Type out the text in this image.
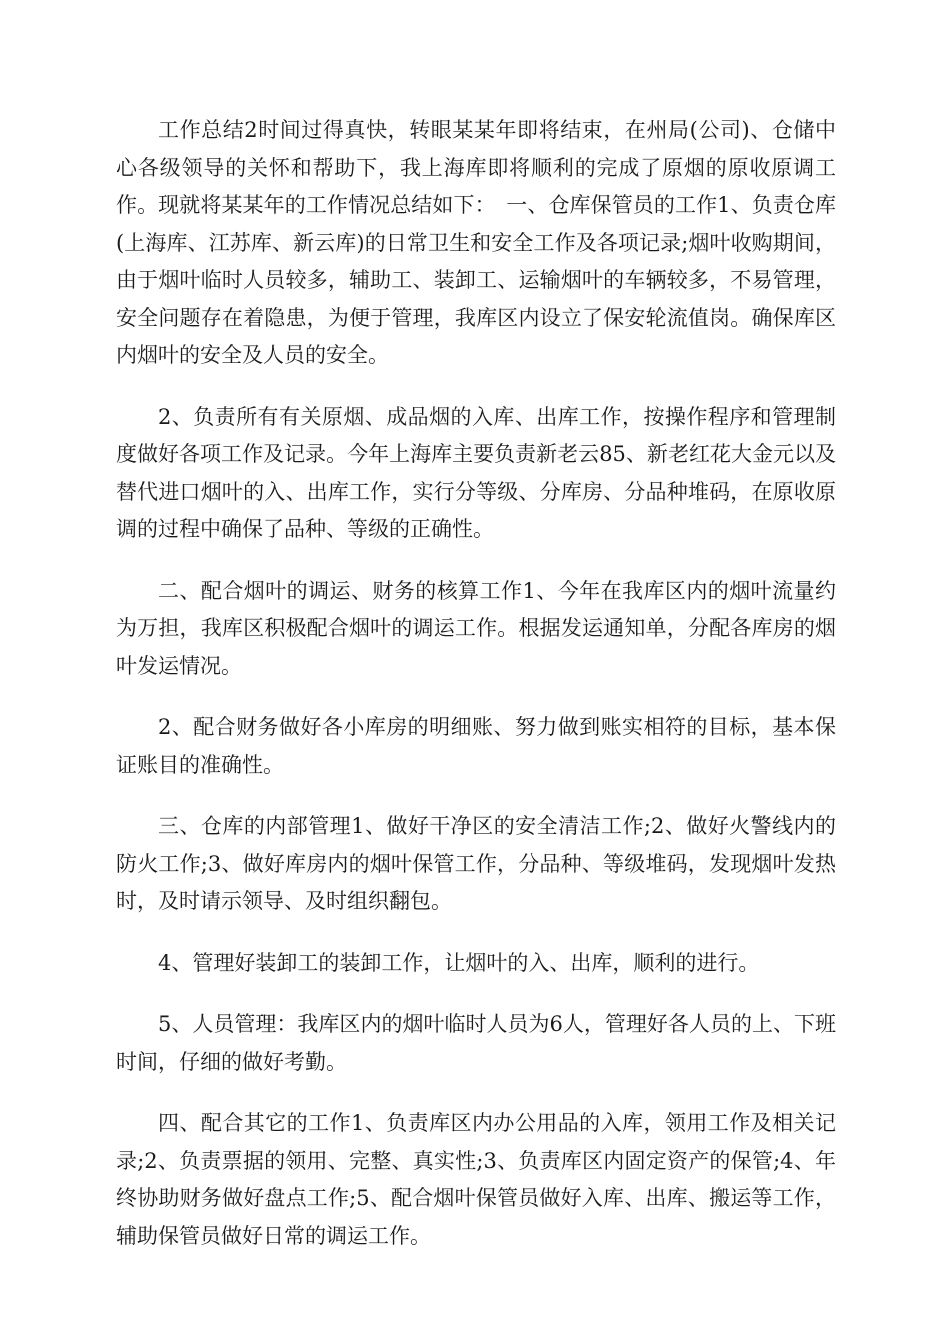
工作总结2时间过得真快，转眼某某年即将结束，在州局(公司)、仓储中心各级领导的关怀和帮助下，我上海库即将顺利的完成了原烟的原收原调工作。现就将某某年的工作情况总结如下：　一、仓库保管员的工作1、负责仓库(上海库、江苏库、新云库)的日常卫生和安全工作及各项记录;烟叶收购期间，由于烟叶临时人员较多，辅助工、装卸工、运输烟叶的车辆较多，不易管理，安全问题存在着隐患，为便于管理，我库区内设立了保安轮流值岗。确保库区内烟叶的安全及人员的安全。

2、负责所有有关原烟、成品烟的入库、出库工作，按操作程序和管理制度做好各项工作及记录。今年上海库主要负责新老云85、新老红花大金元以及替代进口烟叶的入、出库工作，实行分等级、分库房、分品种堆码，在原收原调的过程中确保了品种、等级的正确性。

二、配合烟叶的调运、财务的核算工作1、今年在我库区内的烟叶流量约为万担，我库区积极配合烟叶的调运工作。根据发运通知单，分配各库房的烟叶发运情况。

2、配合财务做好各小库房的明细账、努力做到账实相符的目标，基本保证账目的准确性。

三、仓库的内部管理1、做好干净区的安全清洁工作;2、做好火警线内的防火工作;3、做好库房内的烟叶保管工作，分品种、等级堆码，发现烟叶发热时，及时请示领导、及时组织翻包。

4、管理好装卸工的装卸工作，让烟叶的入、出库，顺利的进行。

5、人员管理：我库区内的烟叶临时人员为6人，管理好各人员的上、下班时间，仔细的做好考勤。

四、配合其它的工作1、负责库区内办公用品的入库，领用工作及相关记录;2、负责票据的领用、完整、真实性;3、负责库区内固定资产的保管;4、年终协助财务做好盘点工作;5、配合烟叶保管员做好入库、出库、搬运等工作，辅助保管员做好日常的调运工作。
